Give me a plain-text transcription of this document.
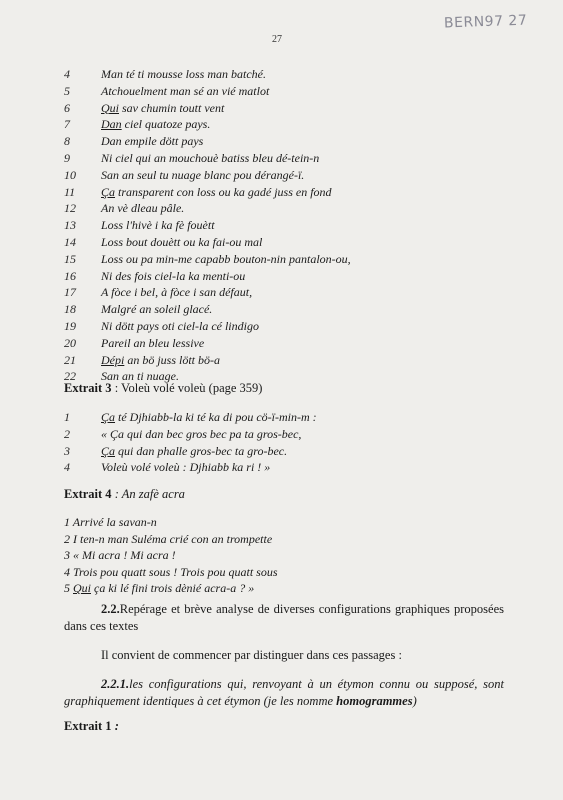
BERN97 27
27
4	Man té ti mousse loss man batché.
5	Atchouelment man sé an vié matlot
6	Qui sav chumin toutt vent
7	Dan ciel quatoze pays.
8	Dan empile dött pays
9	Ni ciel qui an mouchouè batiss bleu dé-tein-n
10	San an seul tu nuage blanc pou dérangé-ï.
11	Ça transparent con loss ou ka gadé juss en fond
12	An vè dleau pâle.
13	Loss l'hivè i ka fè fouètt
14	Loss bout douètt ou ka fai-ou mal
15	Loss ou pa min-me capabb bouton-nin pantalon-ou,
16	Ni des fois ciel-la ka menti-ou
17	A fòce i bel, à fòce i san défaut,
18	Malgré an soleil glacé.
19	Ni dött pays oti ciel-la cé lindigo
20	Pareil an bleu lessive
21	Dépi an bö juss lött bö-a
22	San an ti nuage.
Extrait 3 : Voleù volé voleù (page 359)
1	Ça té Djhiabb-la ki té ka di pou cö-ï-min-m :
2	« Ça qui dan bec gros bec pa ta gros-bec,
3	Ça qui dan phalle gros-bec ta gro-bec.
4	Voleù volé voleù : Djhiabb ka ri ! »
Extrait 4 : An zafè acra
1 Arrivé la savan-n
2 I ten-n man Suléma crié con an trompette
3 « Mi acra ! Mi acra !
4 Trois pou quatt sous ! Trois pou quatt sous
5 Qui ça ki lé fini trois dènié acra-a ? »
2.2.Repérage et brève analyse de diverses configurations graphiques proposées dans ces textes
Il convient de commencer par distinguer dans ces passages :
2.2.1.les configurations qui, renvoyant à un étymon connu ou supposé, sont graphiquement identiques à cet étymon (je les nomme homogrammes)
Extrait 1 :
